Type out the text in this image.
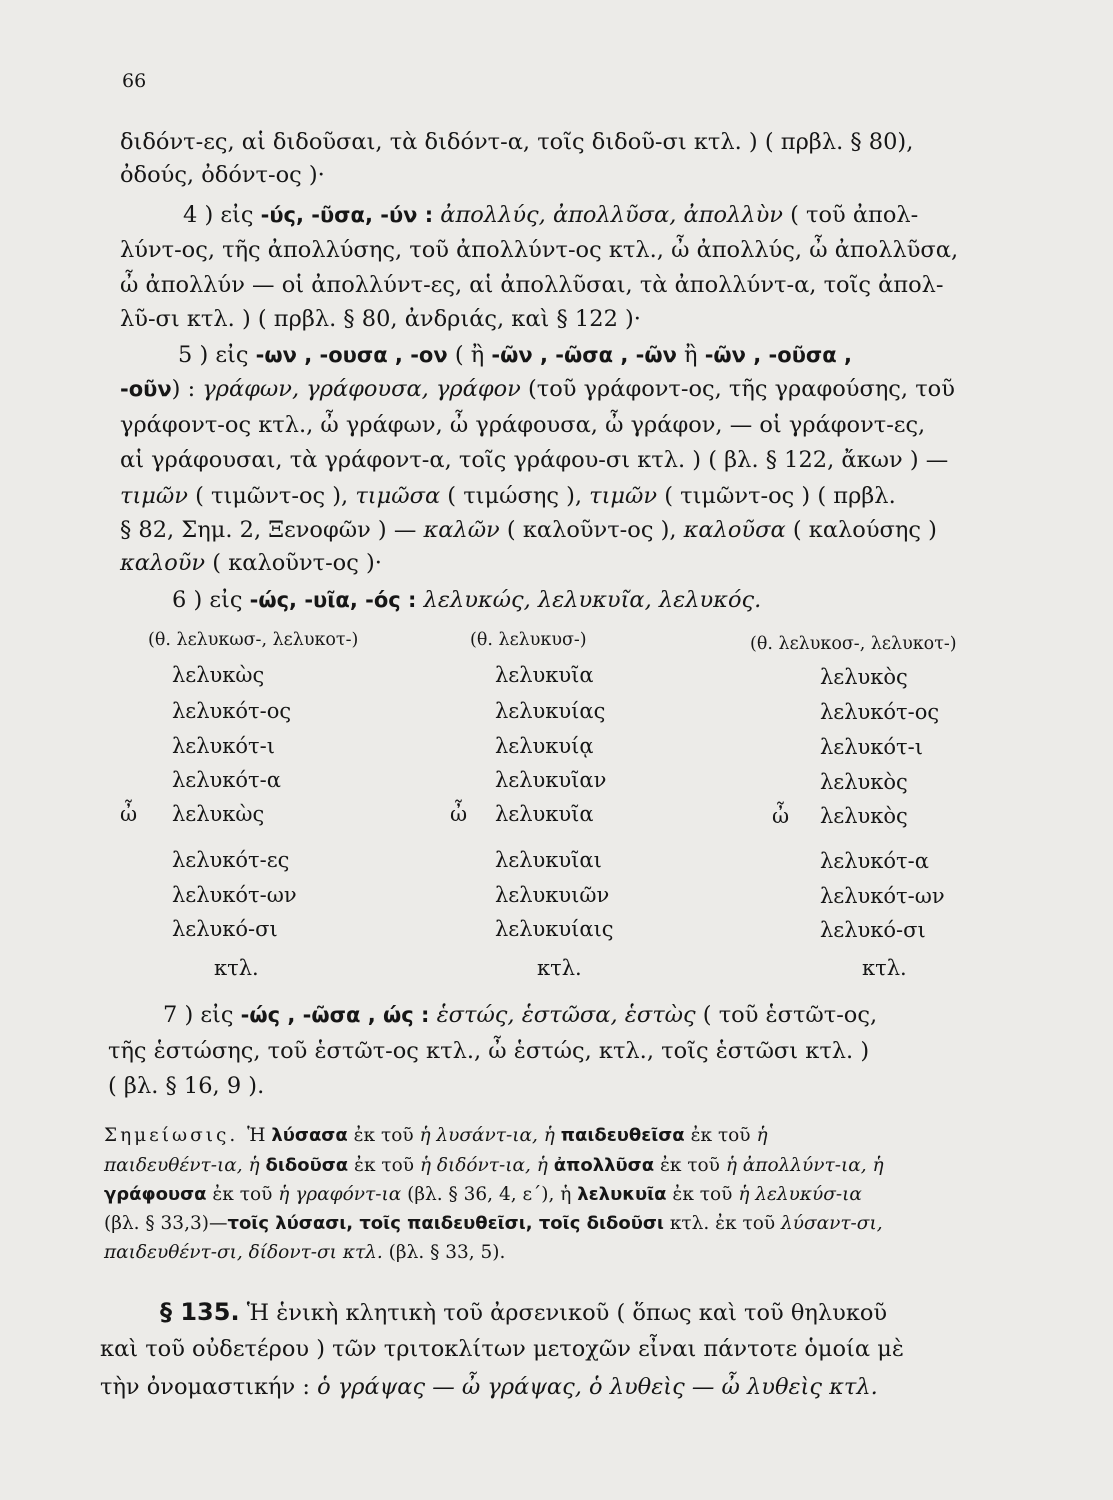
66
διδόντ-ες, αἱ διδοῦσαι, τὰ διδόντ-α, τοῖς διδοῦ-σι κτλ. ) ( πρβλ. § 80),
ὀδούς, ὀδόντ-ος )·
4 ) εἰς -ύς, -ῦσα, -ύν : ἀπολλύς, ἀπολλῦσα, ἀπολλὺν ( τοῦ ἀπολ-
λύντ-ος, τῆς ἀπολλύσης, τοῦ ἀπολλύντ-ος κτλ., ὦ ἀπολλύς, ὦ ἀπολλῦσα,
ὦ ἀπολλύν — οἱ ἀπολλύντ-ες, αἱ ἀπολλῦσαι, τὰ ἀπολλύντ-α, τοῖς ἀπολ-
λῦ-σι κτλ. ) ( πρβλ. § 80, ἀνδριάς, καὶ § 122 )·
5 ) εἰς -ων , -ουσα , -ον ( ἢ -ῶν , -ῶσα , -ῶν ἢ -ῶν , -οῦσα ,
-οῦν) : γράφων, γράφουσα, γράφον (τοῦ γράφοντ-ος, τῆς γραφούσης, τοῦ
γράφοντ-ος κτλ., ὦ γράφων, ὦ γράφουσα, ὦ γράφον, — οἱ γράφοντ-ες,
αἱ γράφουσαι, τὰ γράφοντ-α, τοῖς γράφου-σι κτλ. ) ( βλ. § 122, ἄκων ) —
τιμῶν ( τιμῶντ-ος ), τιμῶσα ( τιμώσης ), τιμῶν ( τιμῶντ-ος ) ( πρβλ.
§ 82, Σημ. 2, Ξενοφῶν ) — καλῶν ( καλοῦντ-ος ), καλοῦσα ( καλούσης )
καλοῦν ( καλοῦντ-ος )·
6 ) εἰς -ώς, -υῖα, -ός : λελυκώς, λελυκυῖα, λελυκός.
(θ. λελυκωσ-, λελυκοτ-)
λελυκὼς
λελυκότ-ος
λελυκότ-ι
λελυκότ-α
ὦ λελυκὼς
λελυκότ-ες
λελυκότ-ων
λελυκό-σι
κτλ.
(θ. λελυκυσ-)
λελυκυῖα
λελυκυίας
λελυκυίᾳ
λελυκυῖαν
ὦ λελυκυῖα
λελυκυῖαι
λελυκυιῶν
λελυκυίαις
κτλ.
(θ. λελυκοσ-, λελυκοτ-)
λελυκὸς
λελυκότ-ος
λελυκότ-ι
λελυκὸς
ὦ λελυκὸς
λελυκότ-α
λελυκότ-ων
λελυκό-σι
κτλ.
7 ) εἰς -ώς , -ῶσα , ώς : ἑστώς, ἑστῶσα, ἑστὼς ( τοῦ ἑστῶτ-ος,
τῆς ἑστώσης, τοῦ ἑστῶτ-ος κτλ., ὦ ἑστώς, κτλ., τοῖς ἑστῶσι κτλ. )
( βλ. § 16, 9 ).
Σημείωσις. Ἡ λύσασα ἐκ τοῦ ἡ λυσάντ-ια, ἡ παιδευθεῖσα ἐκ τοῦ ἡ
παιδευθέντ-ια, ἡ διδοῦσα ἐκ τοῦ ἡ διδόντ-ια, ἡ ἀπολλῦσα ἐκ τοῦ ἡ ἀπολλύντ-ια, ἡ
γράφουσα ἐκ τοῦ ἡ γραφόντ-ια (βλ. § 36, 4, ε΄), ἡ λελυκυῖα ἐκ τοῦ ἡ λελυκύσ-ια
(βλ. § 33,3)—τοῖς λύσασι, τοῖς παιδευθεῖσι, τοῖς διδοῦσι κτλ. ἐκ τοῦ λύσαντ-σι,
παιδευθέντ-σι, δίδοντ-σι κτλ. (βλ. § 33, 5).
§ 135. Ἡ ἑνικὴ κλητικὴ τοῦ ἀρσενικοῦ ( ὅπως καὶ τοῦ θηλυκοῦ
καὶ τοῦ οὐδετέρου ) τῶν τριτοκλίτων μετοχῶν εἶναι πάντοτε ὁμοία μὲ
τὴν ὀνομαστικήν : ὁ γράψας — ὦ γράψας, ὁ λυθεὶς — ὦ λυθεὶς κτλ.
